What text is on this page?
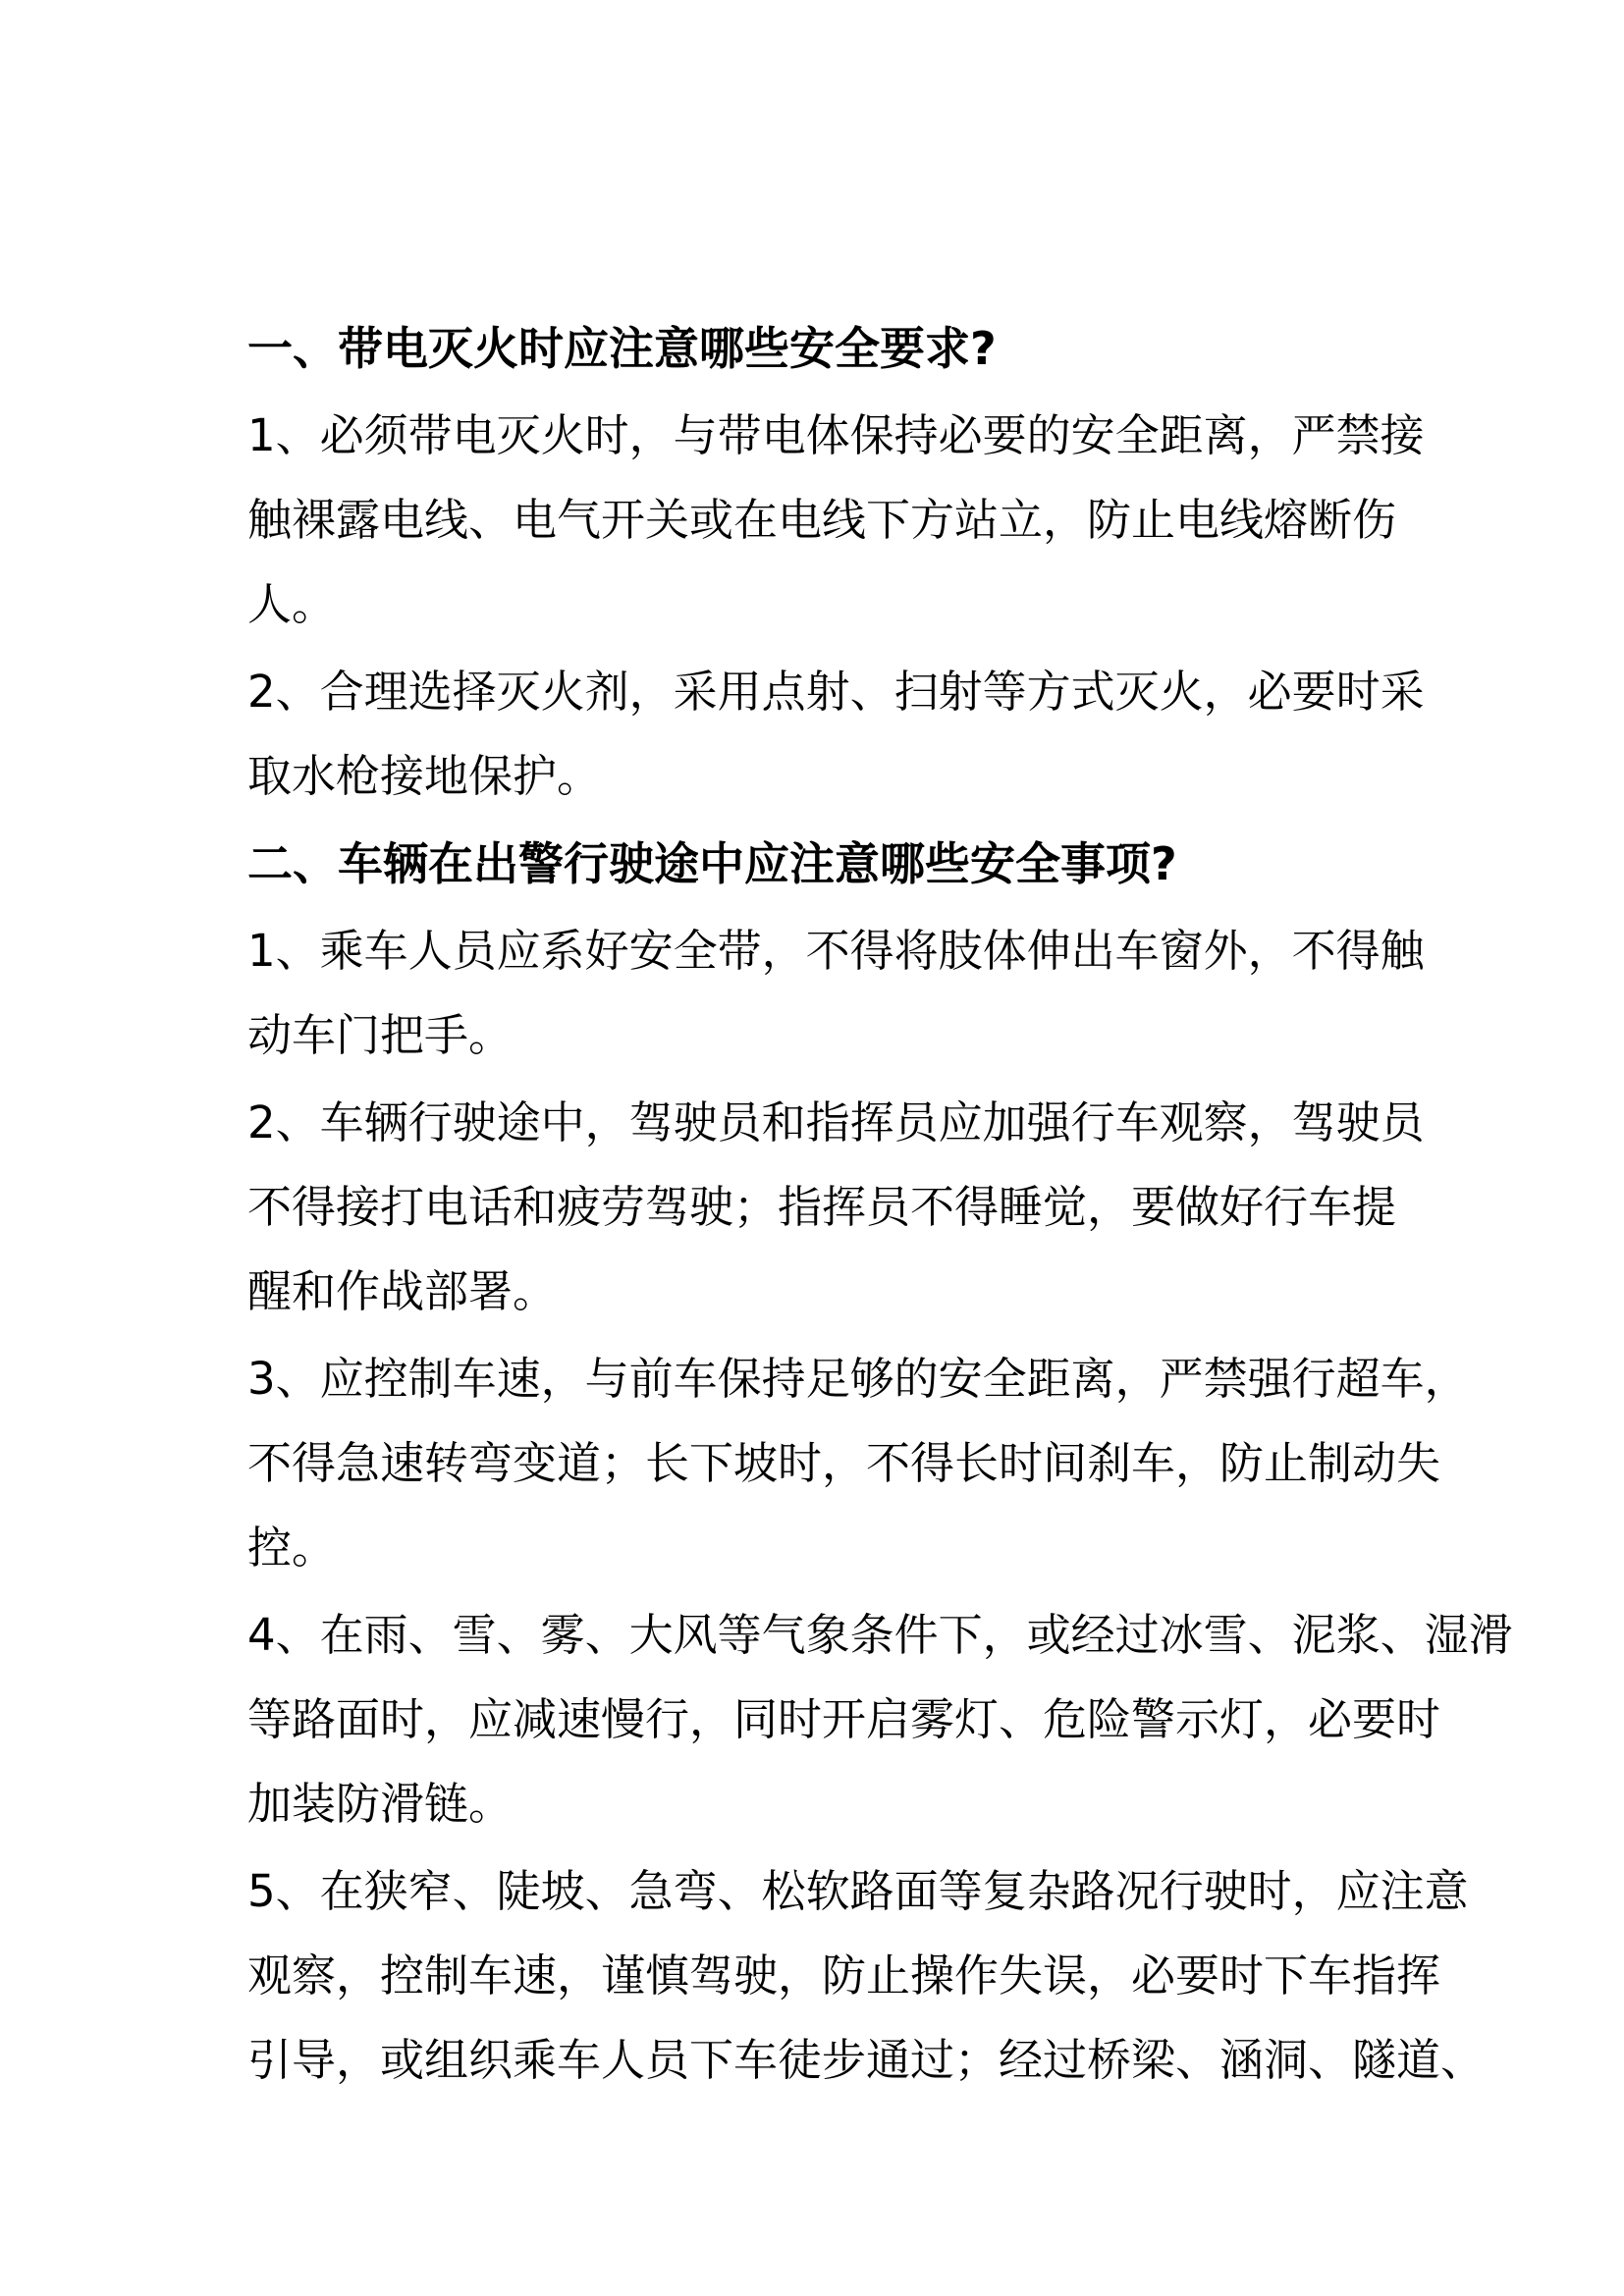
一、带电灭火时应注意哪些安全要求?
1、必须带电灭火时，与带电体保持必要的安全距离，严禁接
触裸露电线、电气开关或在电线下方站立，防止电线熔断伤
人。
2、合理选择灭火剂，采用点射、扫射等方式灭火，必要时采
取水枪接地保护。
二、车辆在出警行驶途中应注意哪些安全事项?
1、乘车人员应系好安全带，不得将肢体伸出车窗外，不得触
动车门把手。
2、车辆行驶途中，驾驶员和指挥员应加强行车观察，驾驶员
不得接打电话和疲劳驾驶；指挥员不得睡觉，要做好行车提
醒和作战部署。
3、应控制车速，与前车保持足够的安全距离，严禁强行超车，
不得急速转弯变道；长下坡时，不得长时间刹车，防止制动失
控。
4、在雨、雪、雾、大风等气象条件下，或经过冰雪、泥浆、湿滑
等路面时，应减速慢行，同时开启雾灯、危险警示灯，必要时
加装防滑链。
5、在狭窄、陡坡、急弯、松软路面等复杂路况行驶时，应注意
观察，控制车速，谨慎驾驶，防止操作失误，必要时下车指挥
引导，或组织乘车人员下车徒步通过；经过桥梁、涵洞、隧道、
